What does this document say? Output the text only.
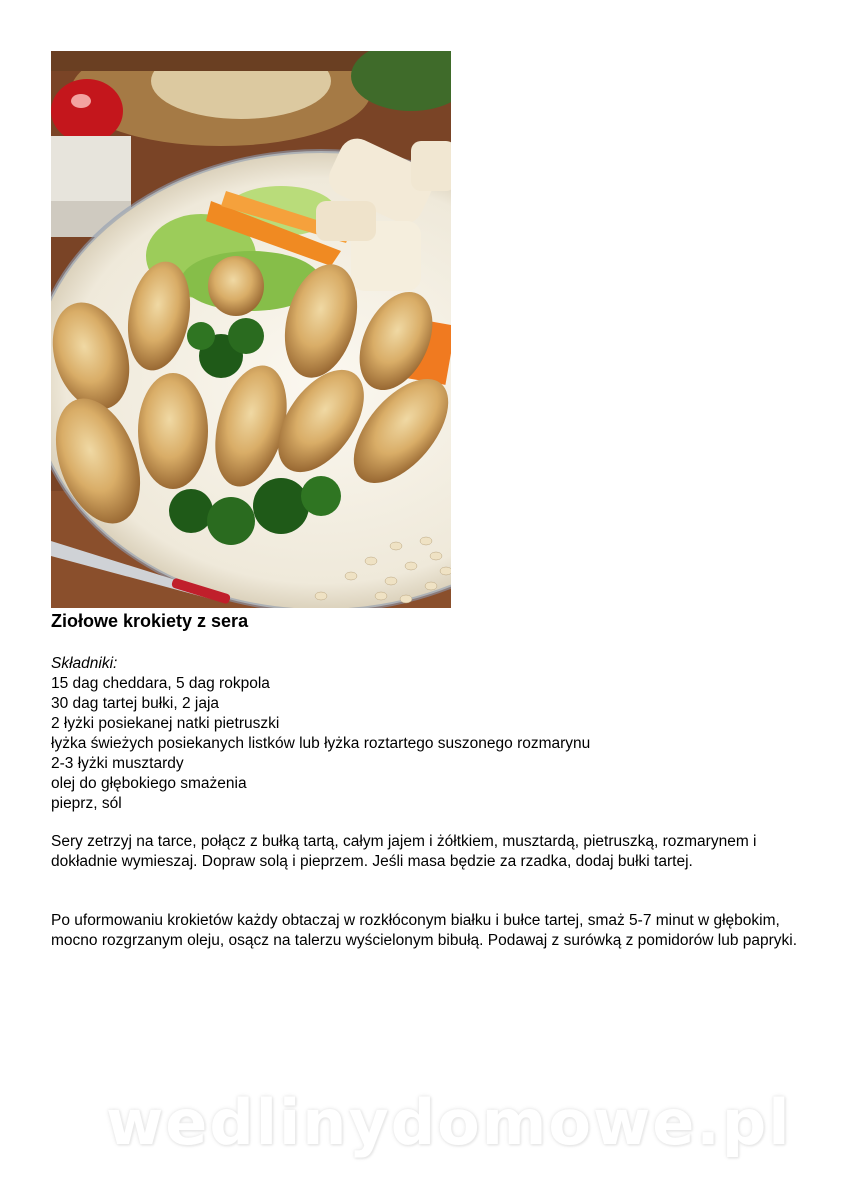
Ziołowe krokiety z sera
Składniki:
15 dag cheddara, 5 dag rokpola
30 dag tartej bułki, 2 jaja
2 łyżki posiekanej natki pietruszki
łyżka świeżych posiekanych listków lub łyżka roztartego suszonego rozmarynu
2-3 łyżki musztardy
olej do głębokiego smażenia
pieprz, sól
Sery zetrzyj na tarce, połącz z bułką tartą, całym jajem i żółtkiem, musztardą, pietruszką, rozmarynem i dokładnie wymieszaj. Dopraw solą i pieprzem. Jeśli masa będzie za rzadka, dodaj bułki tartej.
Po uformowaniu krokietów każdy obtaczaj w rozkłóconym białku i bułce tartej, smaż 5-7 minut w głębokim, mocno rozgrzanym oleju, osącz na talerzu wyścielonym bibułą. Podawaj z surówką z pomidorów lub papryki.
wedlinydomowe.pl
